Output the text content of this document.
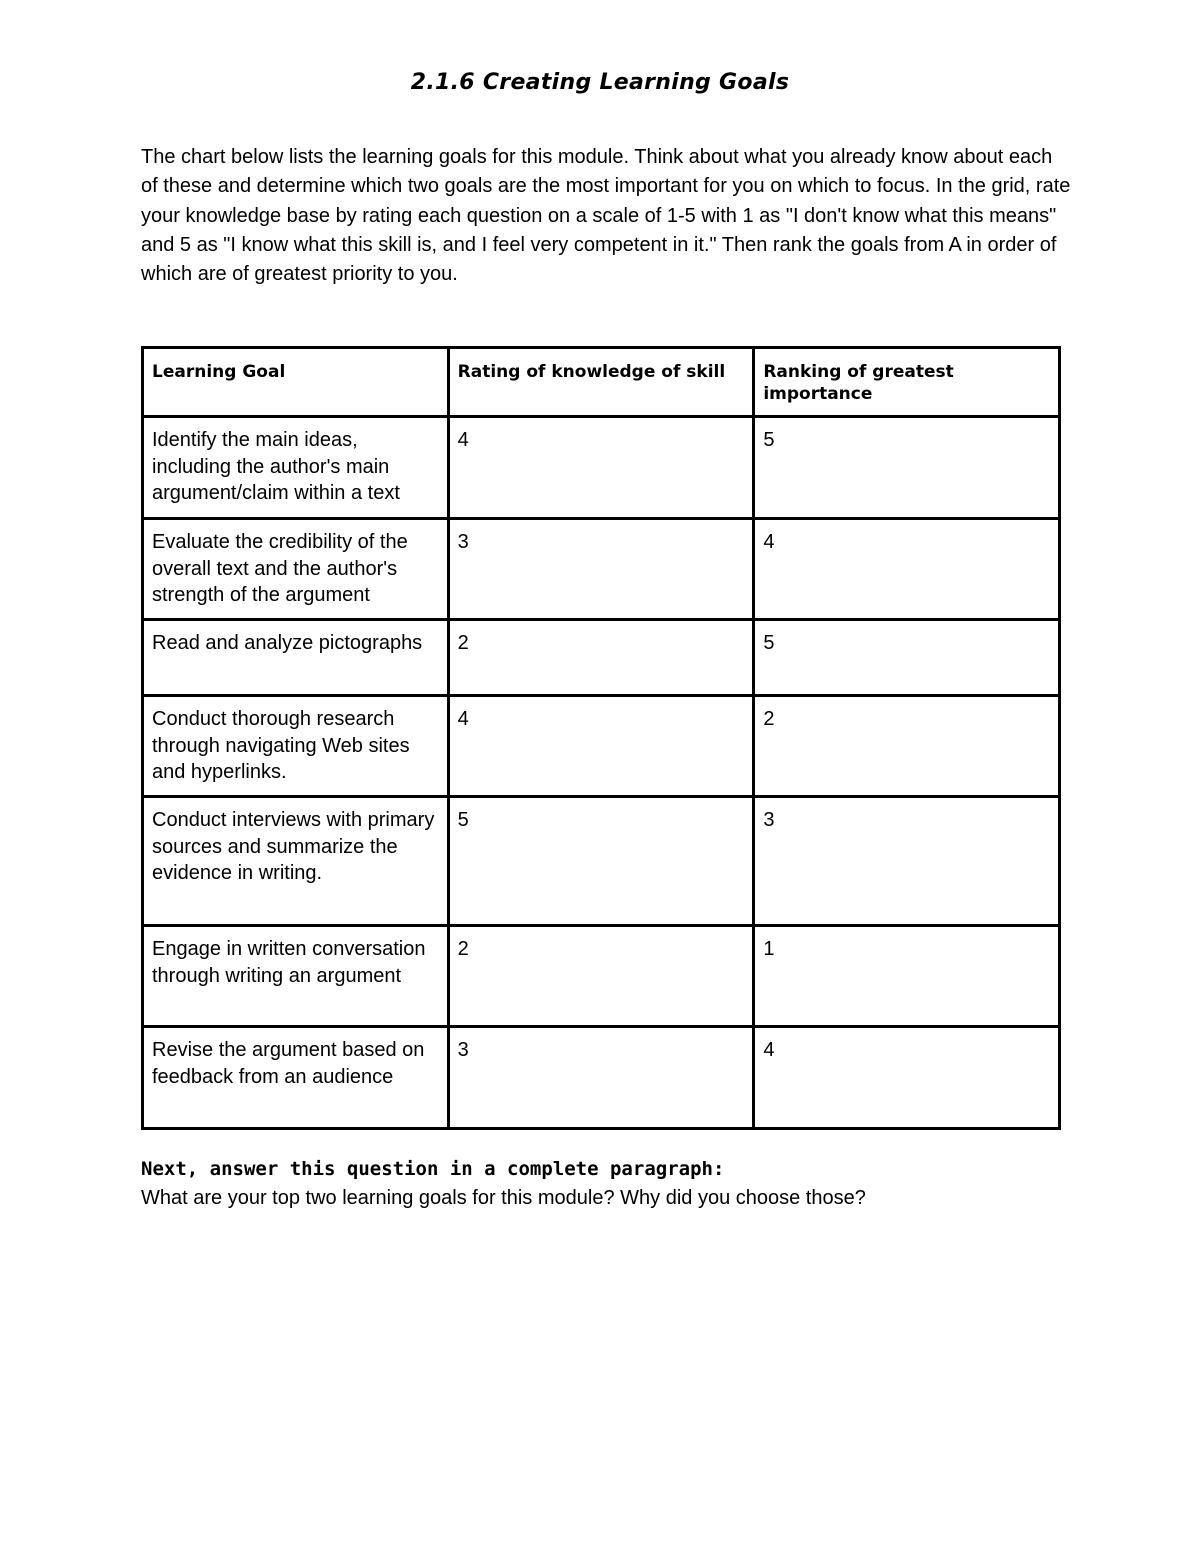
2.1.6 Creating Learning Goals
The chart below lists the learning goals for this module. Think about what you already know about each of these and determine which two goals are the most important for you on which to focus. In the grid, rate your knowledge base by rating each question on a scale of 1-5 with 1 as "I don't know what this means" and 5 as "I know what this skill is, and I feel very competent in it." Then rank the goals from A in order of which are of greatest priority to you.
Learning Goal	Rating of knowledge of skill	Ranking of greatest importance
Identify the main ideas, including the author's main argument/claim within a text	4	5
Evaluate the credibility of the overall text and the author's strength of the argument	3	4
Read and analyze pictographs	2	5
Conduct thorough research through navigating Web sites and hyperlinks.	4	2
Conduct interviews with primary sources and summarize the evidence in writing.	5	3
Engage in written conversation through writing an argument	2	1
Revise the argument based on feedback from an audience	3	4
Next, answer this question in a complete paragraph:
What are your top two learning goals for this module? Why did you choose those?
